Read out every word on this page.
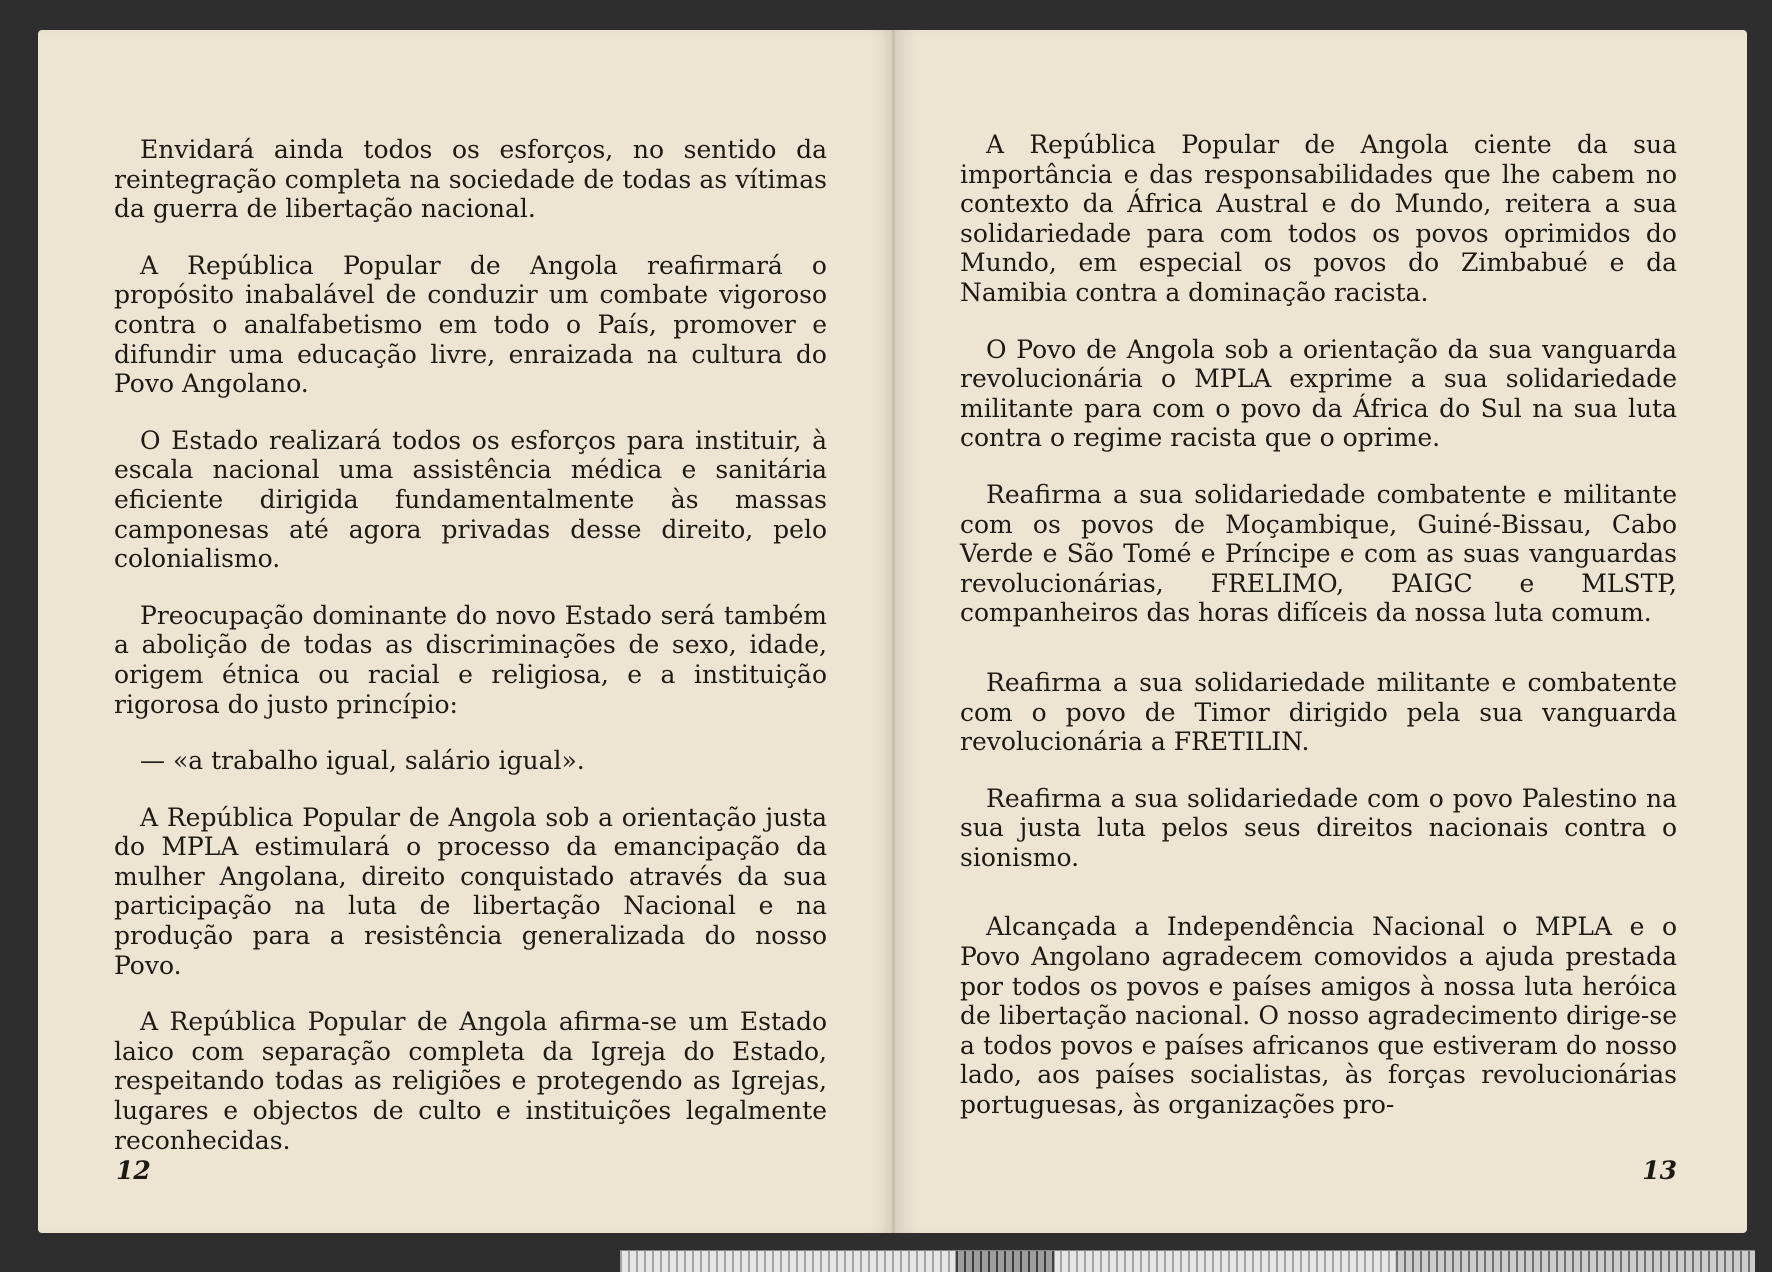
Envidará ainda todos os esforços, no sentido da reintegração completa na sociedade de todas as vítimas da guerra de libertação nacional.

A República Popular de Angola reafirmará o propósito inabalável de conduzir um combate vigoroso contra o analfabetismo em todo o País, promover e difundir uma educação livre, enraizada na cultura do Povo Angolano.

O Estado realizará todos os esforços para instituir, à escala nacional uma assistência médica e sanitária eficiente dirigida fundamentalmente às massas camponesas até agora privadas desse direito, pelo colonialismo.

Preocupação dominante do novo Estado será também a abolição de todas as discriminações de sexo, idade, origem étnica ou racial e religiosa, e a instituição rigorosa do justo princípio:

— «a trabalho igual, salário igual».

A República Popular de Angola sob a orientação justa do MPLA estimulará o processo da emancipação da mulher Angolana, direito conquistado através da sua participação na luta de libertação Nacional e na produção para a resistência generalizada do nosso Povo.

A República Popular de Angola afirma-se um Estado laico com separação completa da Igreja do Estado, respeitando todas as religiões e protegendo as Igrejas, lugares e objectos de culto e instituições legalmente reconhecidas.

12

A República Popular de Angola ciente da sua importância e das responsabilidades que lhe cabem no contexto da África Austral e do Mundo, reitera a sua solidariedade para com todos os povos oprimidos do Mundo, em especial os povos do Zimbabué e da Namibia contra a dominação racista.

O Povo de Angola sob a orientação da sua vanguarda revolucionária o MPLA exprime a sua solidariedade militante para com o povo da África do Sul na sua luta contra o regime racista que o oprime.

Reafirma a sua solidariedade combatente e militante com os povos de Moçambique, Guiné-Bissau, Cabo Verde e São Tomé e Príncipe e com as suas vanguardas revolucionárias, FRELIMO, PAIGC e MLSTP, companheiros das horas difíceis da nossa luta comum.

Reafirma a sua solidariedade militante e combatente com o povo de Timor dirigido pela sua vanguarda revolucionária a FRETILIN.

Reafirma a sua solidariedade com o povo Palestino na sua justa luta pelos seus direitos nacionais contra o sionismo.

Alcançada a Independência Nacional o MPLA e o Povo Angolano agradecem comovidos a ajuda prestada por todos os povos e países amigos à nossa luta heróica de libertação nacional. O nosso agradecimento dirige-se a todos povos e países africanos que estiveram do nosso lado, aos países socialistas, às forças revolucionárias portuguesas, às organizações pro-

13
